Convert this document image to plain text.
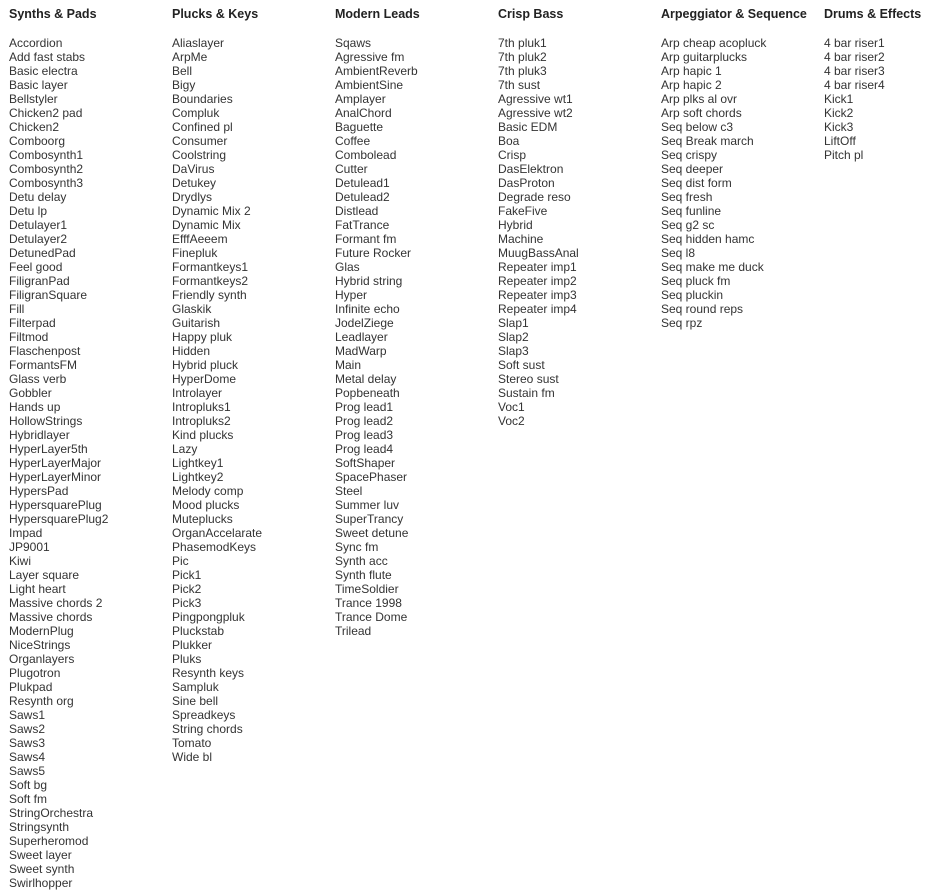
Synths & Pads
Accordion
Add fast stabs
Basic electra
Basic layer
Bellstyler
Chicken2 pad
Chicken2
Comboorg
Combosynth1
Combosynth2
Combosynth3
Detu delay
Detu lp
Detulayer1
Detulayer2
DetunedPad
Feel good
FiligranPad
FiligranSquare
Fill
Filterpad
Filtmod
Flaschenpost
FormantsFM
Glass verb
Gobbler
Hands up
HollowStrings
Hybridlayer
HyperLayer5th
HyperLayerMajor
HyperLayerMinor
HypersPad
HypersquarePlug
HypersquarePlug2
Impad
JP9001
Kiwi
Layer square
Light heart
Massive chords 2
Massive chords
ModernPlug
NiceStrings
Organlayers
Plugotron
Plukpad
Resynth org
Saws1
Saws2
Saws3
Saws4
Saws5
Soft bg
Soft fm
StringOrchestra
Stringsynth
Superheromod
Sweet layer
Sweet synth
Swirlhopper
Plucks & Keys
Aliaslayer
ArpMe
Bell
Bigy
Boundaries
Compluk
Confined pl
Consumer
Coolstring
DaVirus
Detukey
Drydlys
Dynamic Mix 2
Dynamic Mix
EfffAeeem
Finepluk
Formantkeys1
Formantkeys2
Friendly synth
Glaskik
Guitarish
Happy pluk
Hidden
Hybrid pluck
HyperDome
Introlayer
Intropluks1
Intropluks2
Kind plucks
Lazy
Lightkey1
Lightkey2
Melody comp
Mood plucks
Muteplucks
OrganAccelarate
PhasemodKeys
Pic
Pick1
Pick2
Pick3
Pingpongpluk
Pluckstab
Plukker
Pluks
Resynth keys
Sampluk
Sine bell
Spreadkeys
String chords
Tomato
Wide bl
Modern Leads
Sqaws
Agressive fm
AmbientReverb
AmbientSine
Amplayer
AnalChord
Baguette
Coffee
Combolead
Cutter
Detulead1
Detulead2
Distlead
FatTrance
Formant fm
Future Rocker
Glas
Hybrid string
Hyper
Infinite echo
JodelZiege
Leadlayer
MadWarp
Main
Metal delay
Popbeneath
Prog lead1
Prog lead2
Prog lead3
Prog lead4
SoftShaper
SpacePhaser
Steel
Summer luv
SuperTrancy
Sweet detune
Sync fm
Synth acc
Synth flute
TimeSoldier
Trance 1998
Trance Dome
Trilead
Crisp Bass
7th pluk1
7th pluk2
7th pluk3
7th sust
Agressive wt1
Agressive wt2
Basic EDM
Boa
Crisp
DasElektron
DasProton
Degrade reso
FakeFive
Hybrid
Machine
MuugBassAnal
Repeater imp1
Repeater imp2
Repeater imp3
Repeater imp4
Slap1
Slap2
Slap3
Soft sust
Stereo sust
Sustain fm
Voc1
Voc2
Arpeggiator & Sequence
Arp cheap acopluck
Arp guitarplucks
Arp hapic 1
Arp hapic 2
Arp plks al ovr
Arp soft chords
Seq below c3
Seq Break march
Seq crispy
Seq deeper
Seq dist form
Seq fresh
Seq funline
Seq g2 sc
Seq hidden hamc
Seq l8
Seq make me duck
Seq pluck fm
Seq pluckin
Seq round reps
Seq rpz
Drums & Effects
4 bar riser1
4 bar riser2
4 bar riser3
4 bar riser4
Kick1
Kick2
Kick3
LiftOff
Pitch pl
